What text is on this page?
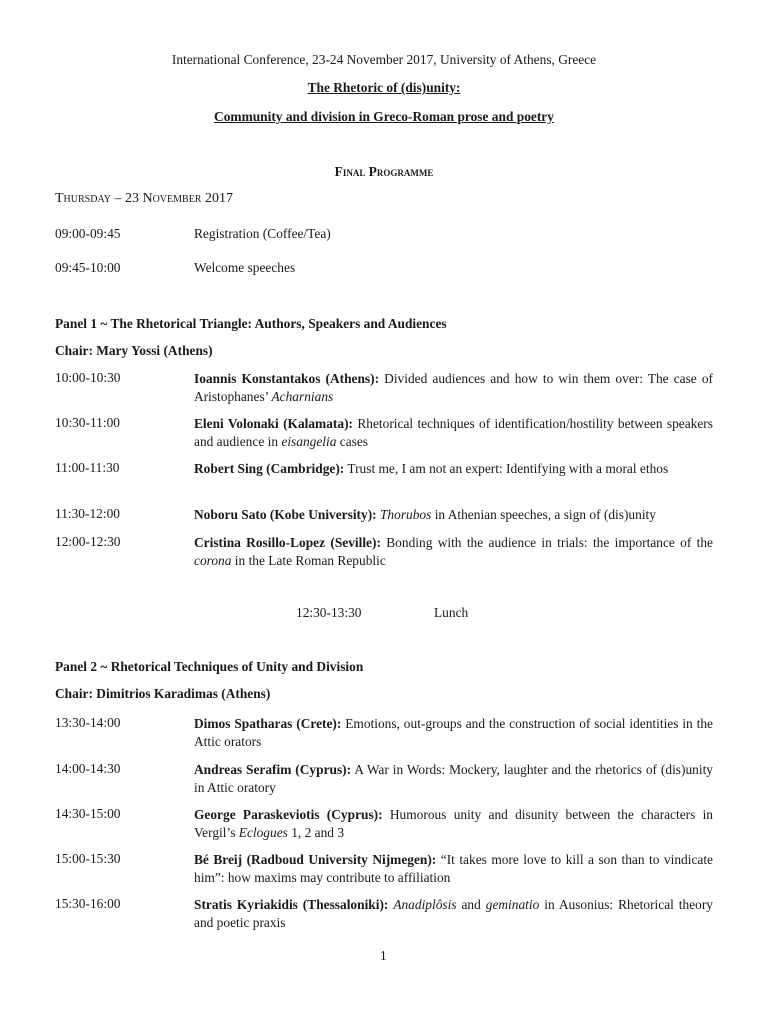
International Conference, 23-24 November 2017, University of Athens, Greece
The Rhetoric of (dis)unity:
Community and division in Greco-Roman prose and poetry
Final Programme
Thursday – 23 November 2017
09:00-09:45	Registration (Coffee/Tea)
09:45-10:00	Welcome speeches
Panel 1 ~ The Rhetorical Triangle: Authors, Speakers and Audiences
Chair: Mary Yossi (Athens)
10:00-10:30	Ioannis Konstantakos (Athens): Divided audiences and how to win them over: The case of Aristophanes’ Acharnians
10:30-11:00	Eleni Volonaki (Kalamata): Rhetorical techniques of identification/hostility between speakers and audience in eisangelia cases
11:00-11:30	Robert Sing (Cambridge): Trust me, I am not an expert: Identifying with a moral ethos
11:30-12:00	Noboru Sato (Kobe University): Thorubos in Athenian speeches, a sign of (dis)unity
12:00-12:30	Cristina Rosillo-Lopez (Seville): Bonding with the audience in trials: the importance of the corona in the Late Roman Republic
12:30-13:30	Lunch
Panel 2 ~ Rhetorical Techniques of Unity and Division
Chair: Dimitrios Karadimas (Athens)
13:30-14:00	Dimos Spatharas (Crete): Emotions, out-groups and the construction of social identities in the Attic orators
14:00-14:30	Andreas Serafim (Cyprus): A War in Words: Mockery, laughter and the rhetorics of (dis)unity in Attic oratory
14:30-15:00	George Paraskeviotis (Cyprus): Humorous unity and disunity between the characters in Vergil’s Eclogues 1, 2 and 3
15:00-15:30	Bé Breij (Radboud University Nijmegen): “It takes more love to kill a son than to vindicate him”: how maxims may contribute to affiliation
15:30-16:00	Stratis Kyriakidis (Thessaloniki): Anadiplôsis and geminatio in Ausonius: Rhetorical theory and poetic praxis
1
